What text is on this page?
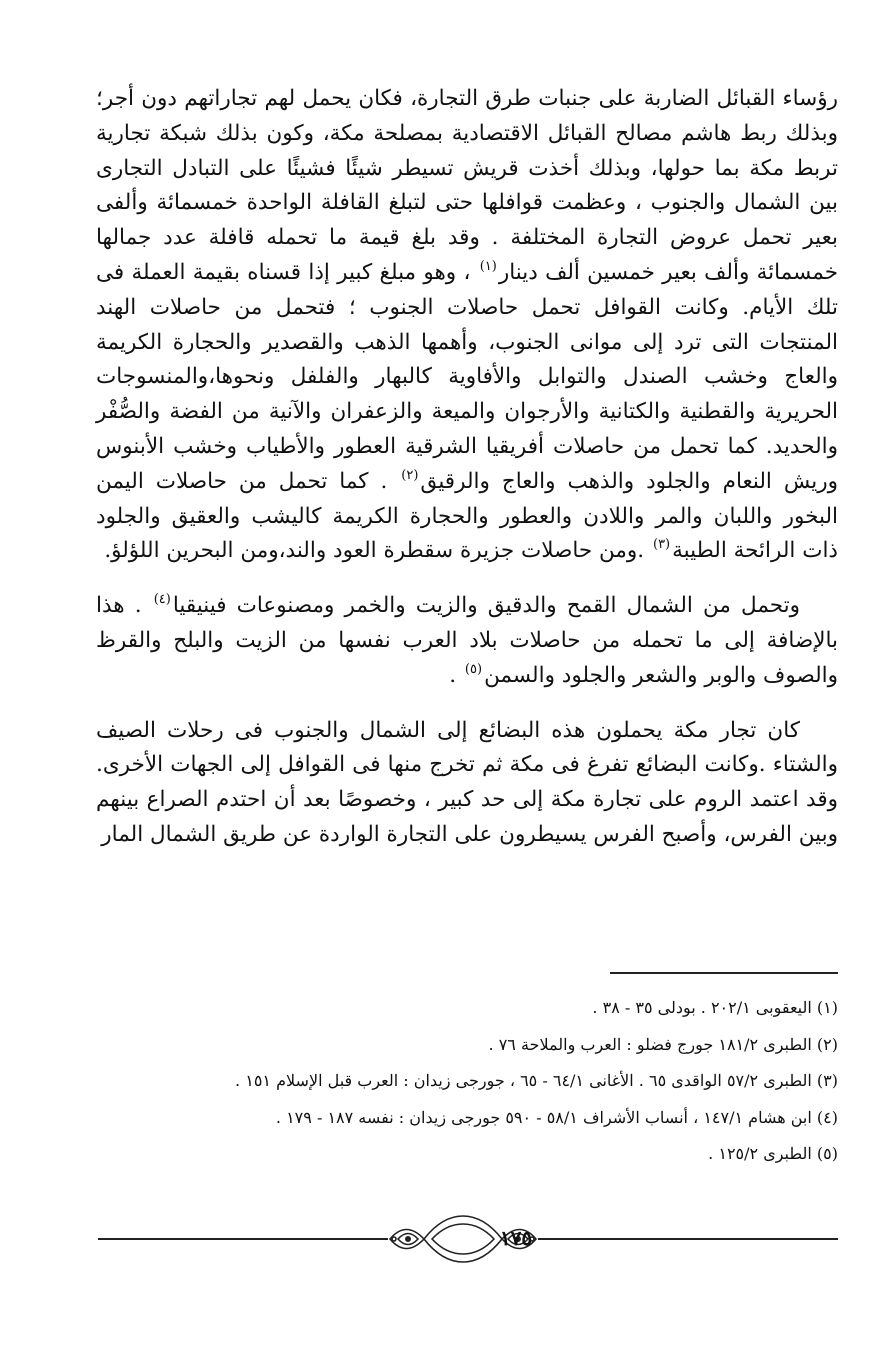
رؤساء القبائل الضاربة على جنبات طرق التجارة، فكان يحمل لهم تجاراتهم دون أجر؛ وبذلك ربط هاشم مصالح القبائل الاقتصادية بمصلحة مكة، وكون بذلك شبكة تجارية تربط مكة بما حولها، وبذلك أخذت قريش تسيطر شيئًا فشيئًا على التبادل التجارى بين الشمال والجنوب ، وعظمت قوافلها حتى لتبلغ القافلة الواحدة خمسمائة وألفى بعير تحمل عروض التجارة المختلفة . وقد بلغ قيمة ما تحمله قافلة عدد جمالها خمسمائة وألف بعير خمسين ألف دينار$^{(١)}$ ، وهو مبلغ كبير إذا قسناه بقيمة العملة فى تلك الأيام. وكانت القوافل تحمل حاصلات الجنوب ؛ فتحمل من حاصلات الهند المنتجات التى ترد إلى موانى الجنوب، وأهمها الذهب والقصدير والحجارة الكريمة والعاج وخشب الصندل والتوابل والأفاوية كالبهار والفلفل ونحوها،والمنسوجات الحريرية والقطنية والكتانية والأرجوان والميعة والزعفران والآنية من الفضة والصُّفْر والحديد. كما تحمل من حاصلات أفريقيا الشرقية العطور والأطياب وخشب الأبنوس وريش النعام والجلود والذهب والعاج والرقيق$^{(٢)}$ . كما تحمل من حاصلات اليمن البخور واللبان والمر واللادن والعطور والحجارة الكريمة كاليشب والعقيق والجلود ذات الرائحة الطيبة$^{(٣)}$ .ومن حاصلات جزيرة سقطرة العود والند،ومن البحرين اللؤلؤ.

وتحمل من الشمال القمح والدقيق والزيت والخمر ومصنوعات فينيقيا$^{(٤)}$ . هذا بالإضافة إلى ما تحمله من حاصلات بلاد العرب نفسها من الزيت والبلح والقرظ والصوف والوبر والشعر والجلود والسمن$^{(٥)}$ .

كان تجار مكة يحملون هذه البضائع إلى الشمال والجنوب فى رحلات الصيف والشتاء .وكانت البضائع تفرغ فى مكة ثم تخرج منها فى القوافل إلى الجهات الأخرى. وقد اعتمد الروم على تجارة مكة إلى حد كبير ، وخصوصًا بعد أن احتدم الصراع بينهم وبين الفرس، وأصبح الفرس يسيطرون على التجارة الواردة عن طريق الشمال المار

(١) اليعقوبى ٢٠٢/١ . بودلى ٣٥ - ٣٨ .

(٢) الطبرى ١٨١/٢ جورج فضلو : العرب والملاحة ٧٦ .

(٣) الطبرى ٥٧/٢ الواقدى ٦٥ . الأغانى ٦٤/١ - ٦٥ ، جورجى زيدان : العرب قبل الإسلام ١٥١ .

(٤) ابن هشام ١٤٧/١ ، أنساب الأشراف ٥٨/١ - ٥٩٠ جورجى زيدان : نفسه ١٨٧ - ١٧٩ .

(٥) الطبرى ١٢٥/٢ .

١٧٥
